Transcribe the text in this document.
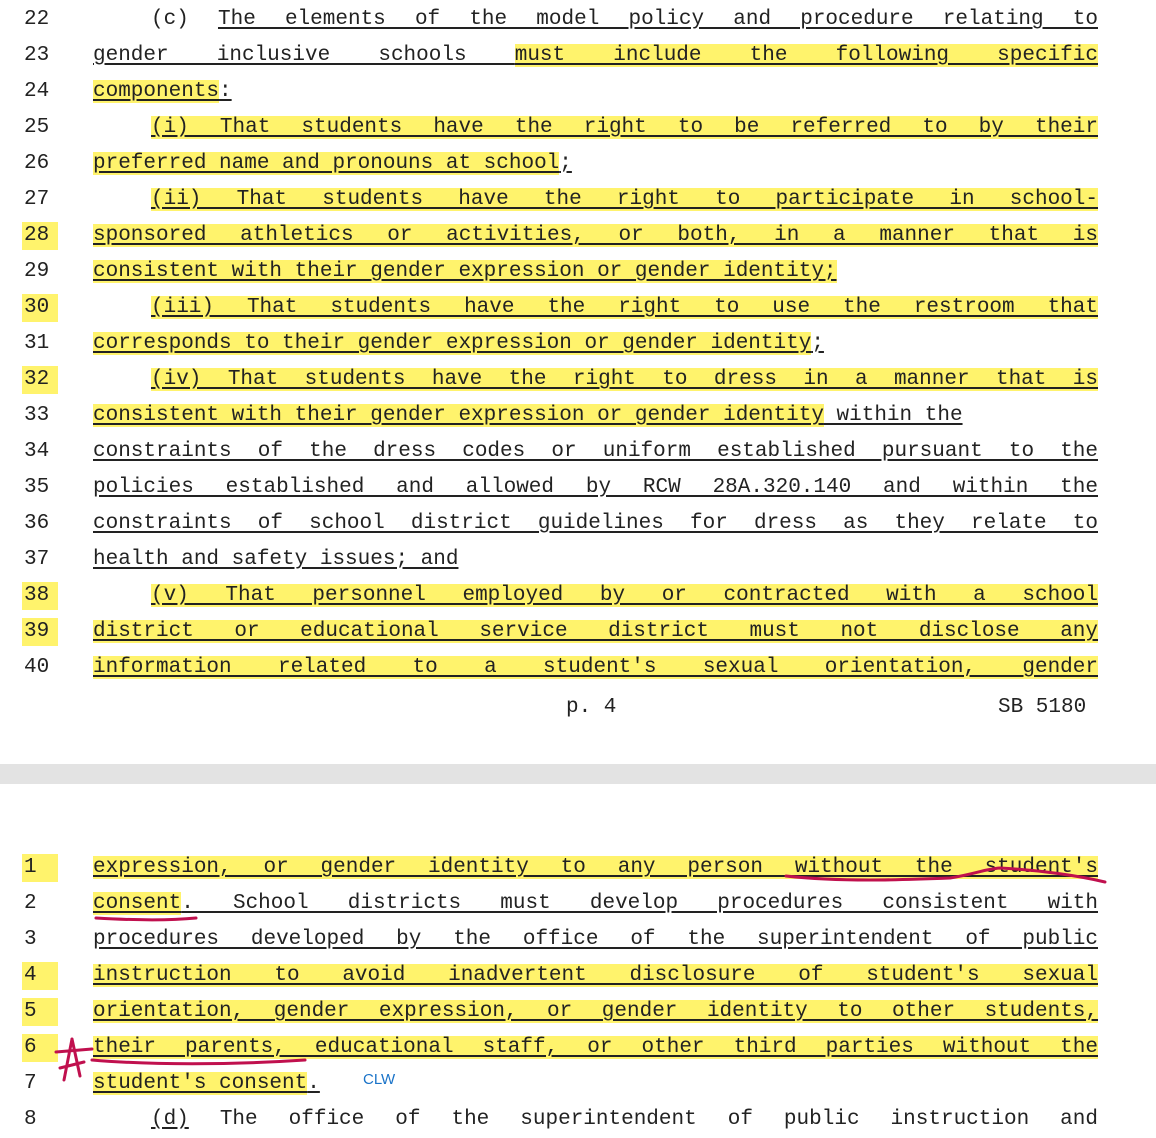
22	(c) The elements of the model policy and procedure relating to
23	gender inclusive schools must include the following specific
24	components:
25	(i) That students have the right to be referred to by their
26	preferred name and pronouns at school;
27	(ii) That students have the right to participate in school-
28	sponsored athletics or activities, or both, in a manner that is
29	consistent with their gender expression or gender identity;
30	(iii) That students have the right to use the restroom that
31	corresponds to their gender expression or gender identity;
32	(iv) That students have the right to dress in a manner that is
33	consistent with their gender expression or gender identity within the
34	constraints of the dress codes or uniform established pursuant to the
35	policies established and allowed by RCW 28A.320.140 and within the
36	constraints of school district guidelines for dress as they relate to
37	health and safety issues; and
38	(v) That personnel employed by or contracted with a school
39	district or educational service district must not disclose any
40	information related to a student's sexual orientation, gender
p. 4	SB 5180
1	expression, or gender identity to any person without the student's
2	consent. School districts must develop procedures consistent with
3	procedures developed by the office of the superintendent of public
4	instruction to avoid inadvertent disclosure of student's sexual
5	orientation, gender expression, or gender identity to other students,
6	their parents, educational staff, or other third parties without the
7	student's consent.
8	(d) The office of the superintendent of public instruction and
CLW
